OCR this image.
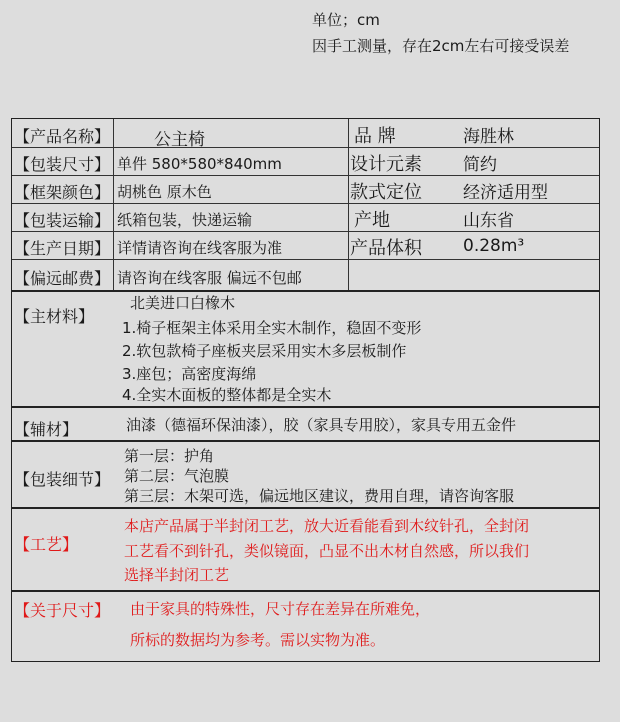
单位；cm
因手工测量，存在2cm左右可接受误差
【产品名称】	公主椅	品 牌	海胜林
【包装尺寸】 单件 580*580*840mm	设计元素 简约
【框架颜色】 胡桃色 原木色	款式定位 经济适用型
【包装运输】 纸箱包装，快递运输	产地	山东省
【生产日期】 详情请咨询在线客服为准	产品体积 0.28m³
【偏远邮费】 请咨询在线客服 偏远不包邮
【主材料】
北美进口白橡木
1.椅子框架主体采用全实木制作，稳固不变形
2.软包款椅子座板夹层采用实木多层板制作
3.座包；高密度海绵
4.全实木面板的整体都是全实木
【辅材】	油漆（德福环保油漆），胶（家具专用胶），家具专用五金件
【包装细节】
第一层：护角
第二层：气泡膜
第三层：木架可选，偏远地区建议，费用自理，请咨询客服
【工艺】
本店产品属于半封闭工艺，放大近看能看到木纹针孔，全封闭
工艺看不到针孔，类似镜面，凸显不出木材自然感，所以我们
选择半封闭工艺
【关于尺寸】 由于家具的特殊性，尺寸存在差异在所难免，
所标的数据均为参考。需以实物为准。
